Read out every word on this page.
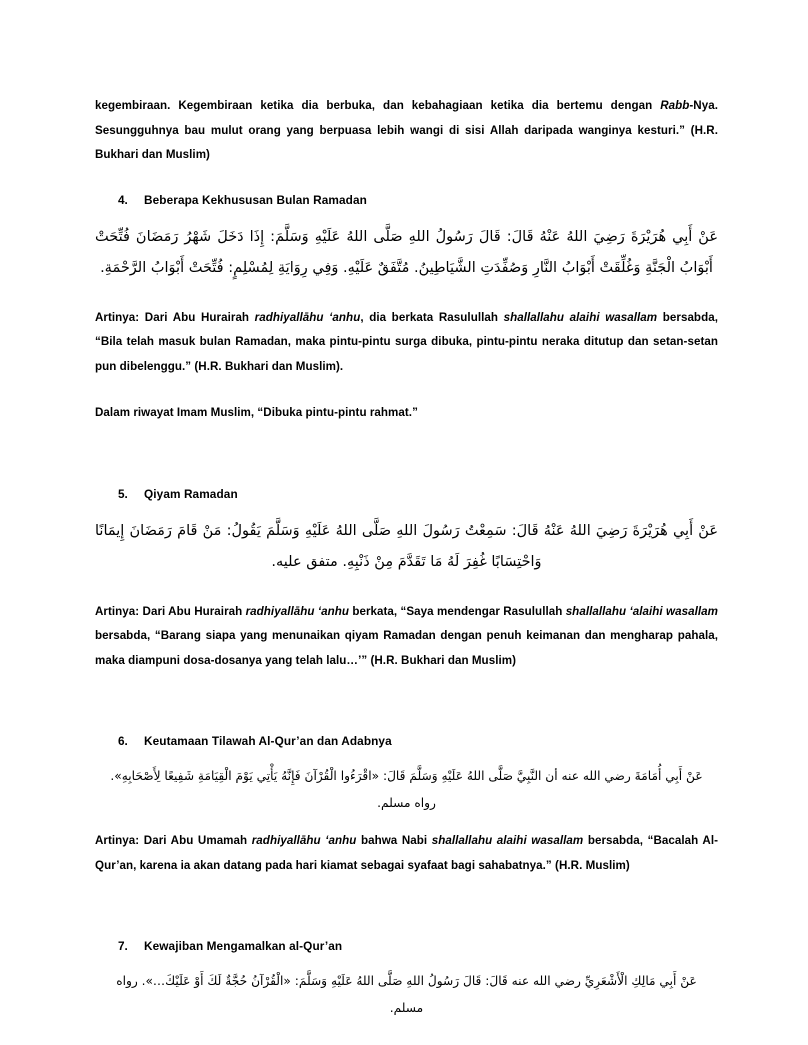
kegembiraan. Kegembiraan ketika dia berbuka, dan kebahagiaan ketika dia bertemu dengan Rabb-Nya. Sesungguhnya bau mulut orang yang berpuasa lebih wangi di sisi Allah daripada wanginya kesturi.” (H.R. Bukhari dan Muslim)

4.	Beberapa Kekhususan Bulan Ramadan

عَنْ أَبِي هُرَيْرَةَ رَضِيَ اللهُ عَنْهُ قَالَ: قَالَ رَسُولُ اللهِ صَلَّى اللهُ عَلَيْهِ وَسَلَّمَ: إِذَا دَخَلَ شَهْرُ رَمَضَانَ فُتِّحَتْ أَبْوَابُ الْجَنَّةِ وَغُلِّقَتْ أَبْوَابُ النَّارِ وَصُفِّدَتِ الشَّيَاطِينُ. مُتَّفَقٌ عَلَيْهِ. وَفِي رِوَايَةِ لِمُسْلِمٍ: فُتِّحَتْ أَبْوَابُ الرَّحْمَةِ.

Artinya: Dari Abu Hurairah radhiyallāhu ‘anhu, dia berkata Rasulullah shallallahu alaihi wasallam bersabda, “Bila telah masuk bulan Ramadan, maka pintu-pintu surga dibuka, pintu-pintu neraka ditutup dan setan-setan pun dibelenggu.” (H.R. Bukhari dan Muslim).

Dalam riwayat Imam Muslim, “Dibuka pintu-pintu rahmat.”

5.	Qiyam Ramadan

عَنْ أَبِي هُرَيْرَةَ رَضِيَ اللهُ عَنْهُ قَالَ: سَمِعْتُ رَسُولَ اللهِ صَلَّى اللهُ عَلَيْهِ وَسَلَّمَ يَقُولُ: مَنْ قَامَ رَمَضَانَ إِيمَانًا وَاحْتِسَابًا غُفِرَ لَهُ مَا تَقَدَّمَ مِنْ ذَنْبِهِ. متفق عليه.

Artinya: Dari Abu Hurairah radhiyallāhu ‘anhu berkata, “Saya mendengar Rasulullah shallallahu ‘alaihi wasallam bersabda, “Barang siapa yang menunaikan qiyam Ramadan dengan penuh keimanan dan mengharap pahala, maka diampuni dosa-dosanya yang telah lalu…’” (H.R. Bukhari dan Muslim)

6.	Keutamaan Tilawah Al-Qur’an dan Adabnya

عَنْ أَبِي أُمَامَةَ رضي الله عنه أن النَّبِيَّ صَلَّى اللهُ عَلَيْهِ وَسَلَّمَ قَالَ: «اقْرَءُوا الْقُرْآنَ فَإِنَّهُ يَأْتِي يَوْمَ الْقِيَامَةِ شَفِيعًا لِأَصْحَابِهِ». رواه مسلم.

Artinya: Dari Abu Umamah radhiyallāhu ‘anhu bahwa Nabi shallallahu alaihi wasallam bersabda, “Bacalah Al-Qur’an, karena ia akan datang pada hari kiamat sebagai syafaat bagi sahabatnya.” (H.R. Muslim)

7.	Kewajiban Mengamalkan al-Qur’an

عَنْ أَبِي مَالِكِ الْأَشْعَرِيِّ رضي الله عنه قَالَ: قَالَ رَسُولُ اللهِ صَلَّى اللهُ عَلَيْهِ وَسَلَّمَ: «الْقُرْآنُ حُجَّةٌ لَكَ أَوْ عَلَيْكَ…». رواه مسلم.
